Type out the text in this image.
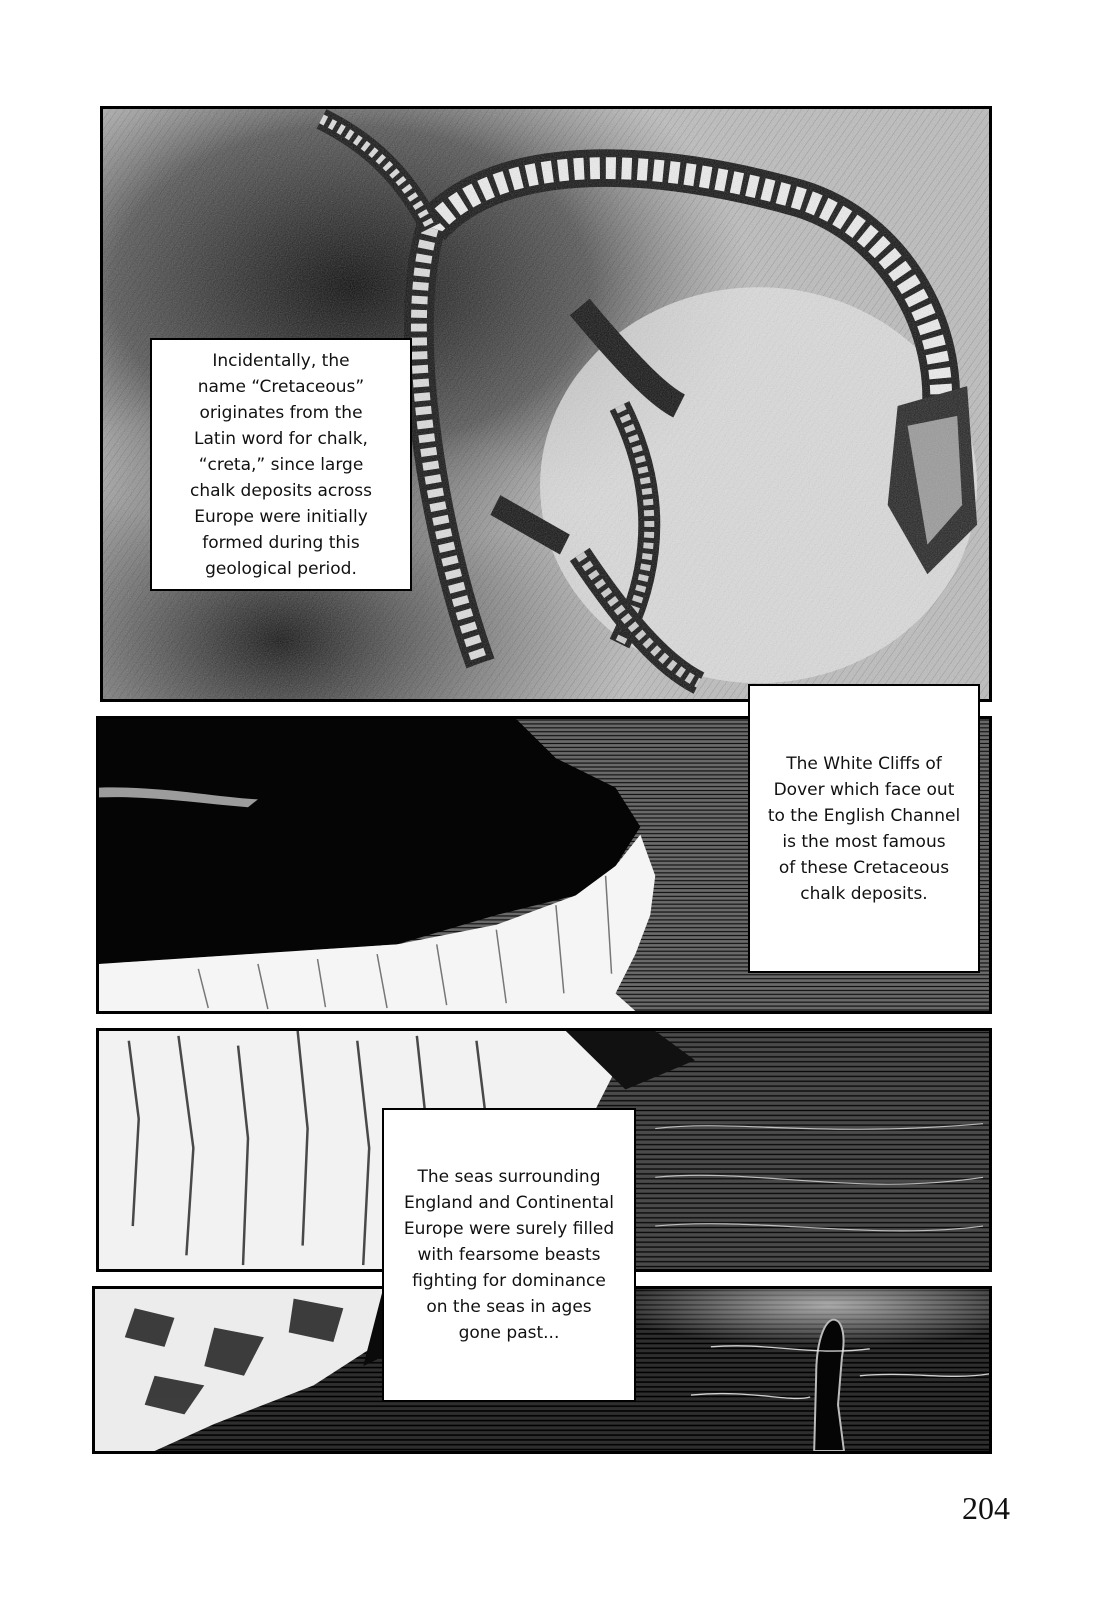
Incidentally, the
name “Cretaceous”
originates from the
Latin word for chalk,
“creta,” since large
chalk deposits across
Europe were initially
formed during this
geological period.
The White Cliffs of
Dover which face out
to the English Channel
is the most famous
of these Cretaceous
chalk deposits.
The seas surrounding
England and Continental
Europe were surely filled
with fearsome beasts
fighting for dominance
on the seas in ages
gone past...
204
